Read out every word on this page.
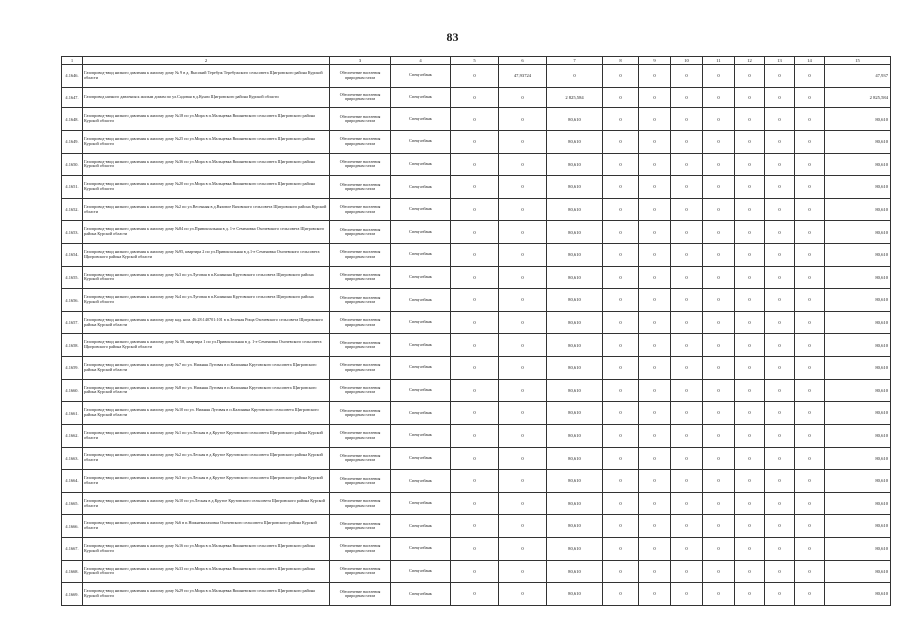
83
1	2	3	4	5	6	7	8	9	10	11	12	13	14	15
4.1646.	Газопровод-ввод низкого давления к жилому дому № 9 в д. Высокий Теребуж Теребужского сельсовета Щигровского района Курской области	Обеспечение населения природным газом	Спецгазбанк	0	47,93724	0	0	0	0	0	0	0	0	47,937
4.1647.	Газопровод низкого давления к жилым домам по ул.Садовая в д.Кунач Щигровского района Курской области	Обеспечение населения природным газом	Спецгазбанк	0	0	2 825,584	0	0	0	0	0	0	0	2 825,584
4.1648.	Газопровод-ввод низкого давления к жилому дому №18 по ул.Мира в п.Мальцевка Вишневского сельсовета Щигровского района Курской области	Обеспечение населения природным газом	Спецгазбанк	0	0	80,610	0	0	0	0	0	0	0	80,610
4.1649.	Газопровод-ввод низкого давления к жилому дому №25 по ул.Мира в п.Мальцевка Вишневского сельсовета Щигровского района Курской области	Обеспечение населения природным газом	Спецгазбанк	0	0	80,610	0	0	0	0	0	0	0	80,610
4.1650.	Газопровод-ввод низкого давления к жилому дому №36 по ул.Мира в п.Мальцевка Вишневского сельсовета Щигровского района Курской области	Обеспечение населения природным газом	Спецгазбанк	0	0	80,610	0	0	0	0	0	0	0	80,610
4.1651.	Газопровод-ввод низкого давления к жилому дому №20 по ул.Мира в п.Мальцевка Вишневского сельсовета Щигровского района Курской области	Обеспечение населения природным газом	Спецгазбанк	0	0	80,610	0	0	0	0	0	0	0	80,610
4.1652.	Газопровод-ввод низкого давления к жилому дому №2 по ул.Весенняя в д.Вязовое Вязовского сельсовета Щигровского района Курской области	Обеспечение населения природным газом	Спецгазбанк	0	0	80,610	0	0	0	0	0	0	0	80,610
4.1653.	Газопровод-ввод низкого давления к жилому дому №84 по ул.Привокзальная в д. 1-е Семеновка Охочевского сельсовета Щигровского района Курской области	Обеспечение населения природным газом	Спецгазбанк	0	0	80,610	0	0	0	0	0	0	0	80,610
4.1654.	Газопровод-ввод низкого давления к жилому дому №95, квартира 2 по ул.Привокзальная в д.1-е Семеновка Охочевского сельсовета Щигровского района Курской области	Обеспечение населения природным газом	Спецгазбанк	0	0	80,610	0	0	0	0	0	0	0	80,610
4.1655.	Газопровод-ввод низкого давления к жилому дому №3 по ул.Луговая в п.Калинина Крутовского сельсовета Щигровского района Курской области	Обеспечение населения природным газом	Спецгазбанк	0	0	80,610	0	0	0	0	0	0	0	80,610
4.1656.	Газопровод-ввод низкого давления к жилому дому №4 по ул.Луговая в п.Калинина Крутовского сельсовета Щигровского района Курской области	Обеспечение населения природным газом	Спецгазбанк	0	0	80,610	0	0	0	0	0	0	0	80,610
4.1657.	Газопровод-ввод низкого давления к жилому дому кад. ном. 46:28:140701:101 в п.Зеленая Роща Охочевского сельсовета Щигровского района Курской области	Обеспечение населения природным газом	Спецгазбанк	0	0	80,610	0	0	0	0	0	0	0	80,610
4.1658.	Газопровод-ввод низкого давления к жилому дому № 58, квартира 1 по ул.Привокзальная в д. 1-е Семеновка Охочевского сельсовета Щигровского района Курской области	Обеспечение населения природным газом	Спецгазбанк	0	0	80,610	0	0	0	0	0	0	0	80,610
4.1659.	Газопровод-ввод низкого давления к жилому дому №7 по ул. Нижняя Луговая в п.Калинина Крутовского сельсовета Щигровского района Курской области	Обеспечение населения природным газом	Спецгазбанк	0	0	80,610	0	0	0	0	0	0	0	80,610
4.1660.	Газопровод-ввод низкого давления к жилому дому №8 по ул. Нижняя Луговая в п.Калинина Крутовского сельсовета Щигровского района Курской области	Обеспечение населения природным газом	Спецгазбанк	0	0	80,610	0	0	0	0	0	0	0	80,610
4.1661.	Газопровод-ввод низкого давления к жилому дому №10 по ул. Нижняя Луговая в п.Калинина Крутовского сельсовета Щигровского района Курской области	Обеспечение населения природным газом	Спецгазбанк	0	0	80,610	0	0	0	0	0	0	0	80,610
4.1662.	Газопровод-ввод низкого давления к жилому дому №1 по ул.Лесная в д.Крутое Крутовского сельсовета Щигровского района Курской области	Обеспечение населения природным газом	Спецгазбанк	0	0	80,610	0	0	0	0	0	0	0	80,610
4.1663.	Газопровод-ввод низкого давления к жилому дому №2 по ул.Лесная в д.Крутое Крутовского сельсовета Щигровского района Курской области	Обеспечение населения природным газом	Спецгазбанк	0	0	80,610	0	0	0	0	0	0	0	80,610
4.1664.	Газопровод-ввод низкого давления к жилому дому №3 по ул.Лесная в д.Крутое Крутовского сельсовета Щигровского района Курской области	Обеспечение населения природным газом	Спецгазбанк	0	0	80,610	0	0	0	0	0	0	0	80,610
4.1665.	Газопровод-ввод низкого давления к жилому дому №10 по ул.Лесная в д.Крутое Крутовского сельсовета Щигровского района Курской области	Обеспечение населения природным газом	Спецгазбанк	0	0	80,610	0	0	0	0	0	0	0	80,610
4.1666.	Газопровод-ввод низкого давления к жилому дому №6 в п.Нижнемалаховка Охочевского сельсовета Щигровского района Курской области	Обеспечение населения природным газом	Спецгазбанк	0	0	80,610	0	0	0	0	0	0	0	80,610
4.1667.	Газопровод-ввод низкого давления к жилому дому №16 по ул.Мира в п.Мальцевка Вишневского сельсовета Щигровского района Курской области	Обеспечение населения природным газом	Спецгазбанк	0	0	80,610	0	0	0	0	0	0	0	80,610
4.1668.	Газопровод-ввод низкого давления к жилому дому №33 по ул.Мира в п.Мальцевка Вишневского сельсовета Щигровского района Курской области	Обеспечение населения природным газом	Спецгазбанк	0	0	80,610	0	0	0	0	0	0	0	80,610
4.1669.	Газопровод-ввод низкого давления к жилому дому №29 по ул.Мира в п.Мальцевка Вишневского сельсовета Щигровского района Курской области	Обеспечение населения природным газом	Спецгазбанк	0	0	80,610	0	0	0	0	0	0	0	80,610
